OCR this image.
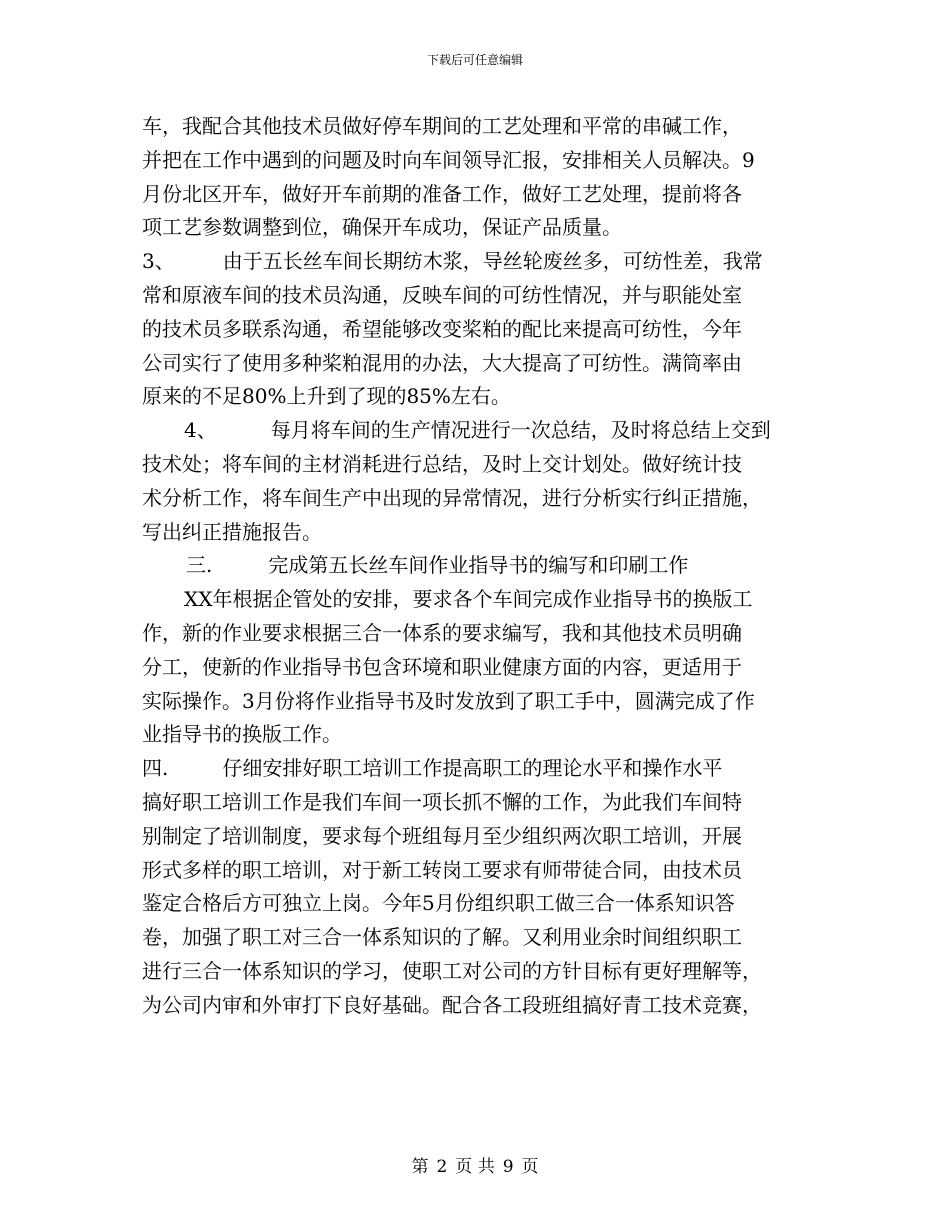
下载后可任意编辑
车，我配合其他技术员做好停车期间的工艺处理和平常的串碱工作，
并把在工作中遇到的问题及时向车间领导汇报，安排相关人员解决。9
月份北区开车，做好开车前期的准备工作，做好工艺处理，提前将各
项工艺参数调整到位，确保开车成功，保证产品质量。
3、 由于五长丝车间长期纺木浆，导丝轮废丝多，可纺性差，我常
常和原液车间的技术员沟通，反映车间的可纺性情况，并与职能处室
的技术员多联系沟通，希望能够改变桨粕的配比来提高可纺性，今年
公司实行了使用多种桨粕混用的办法，大大提高了可纺性。满筒率由
原来的不足80%上升到了现的85%左右。
4、	每月将车间的生产情况进行一次总结，及时将总结上交到
技术处；将车间的主材消耗进行总结，及时上交计划处。做好统计技
术分析工作，将车间生产中出现的异常情况，进行分析实行纠正措施，
写出纠正措施报告。
三.	完成第五长丝车间作业指导书的编写和印刷工作
XX年根据企管处的安排，要求各个车间完成作业指导书的换版工
作，新的作业要求根据三合一体系的要求编写，我和其他技术员明确
分工，使新的作业指导书包含环境和职业健康方面的内容，更适用于
实际操作。3月份将作业指导书及时发放到了职工手中，圆满完成了作
业指导书的换版工作。
四.	仔细安排好职工培训工作提高职工的理论水平和操作水平
搞好职工培训工作是我们车间一项长抓不懈的工作，为此我们车间特
别制定了培训制度，要求每个班组每月至少组织两次职工培训，开展
形式多样的职工培训，对于新工转岗工要求有师带徒合同，由技术员
鉴定合格后方可独立上岗。今年5月份组织职工做三合一体系知识答
卷，加强了职工对三合一体系知识的了解。又利用业余时间组织职工
进行三合一体系知识的学习，使职工对公司的方针目标有更好理解等，
为公司内审和外审打下良好基础。配合各工段班组搞好青工技术竞赛，
第 2 页 共 9 页
